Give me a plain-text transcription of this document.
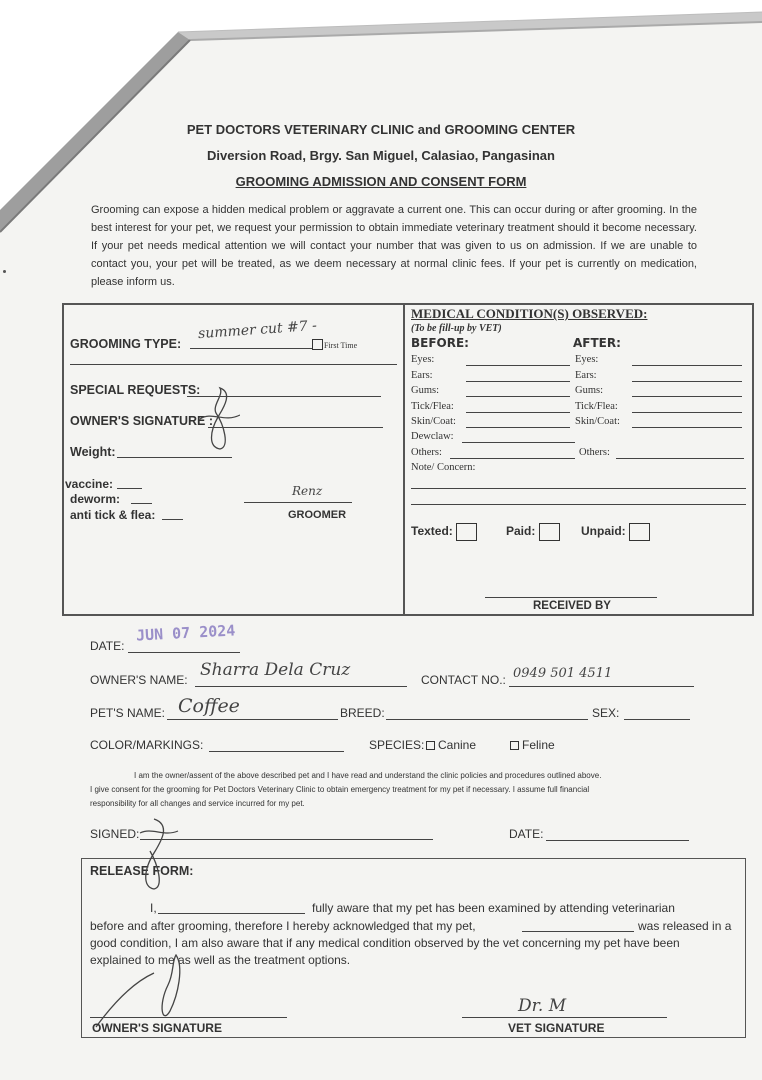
PET DOCTORS VETERINARY CLINIC and GROOMING CENTER
Diversion Road, Brgy. San Miguel, Calasiao, Pangasinan
GROOMING ADMISSION AND CONSENT FORM
Grooming can expose a hidden medical problem or aggravate a current one. This can occur during or after grooming. In the best interest for your pet, we request your permission to obtain immediate veterinary treatment should it become necessary. If your pet needs medical attention we will contact your number that was given to us on admission. If we are unable to contact you, your pet will be treated, as we deem necessary at normal clinic fees. If your pet is currently on medication, please inform us.
GROOMING TYPE:
summer cut #7 -
First Time
SPECIAL REQUESTS:
OWNER'S SIGNATURE :
Weight:
vaccine:
deworm:
anti tick & flea:
Renz
GROOMER
MEDICAL CONDITION(S) OBSERVED:
(To be fill-up by VET)
BEFORE:	AFTER:
Eyes:	Eyes:
Ears:	Ears:
Gums:	Gums:
Tick/Flea:	Tick/Flea:
Skin/Coat:	Skin/Coat:
Dewclaw:
Others:	Others:
Note/ Concern:
Texted:	Paid:	Unpaid:
RECEIVED BY
DATE:
JUN 07 2024
OWNER'S NAME: Sharra Dela Cruz	CONTACT NO.: 0949 501 4511
PET'S NAME: Coffee	BREED:	SEX:
COLOR/MARKINGS:	SPECIES: Canine	Feline
I am the owner/assent of the above described pet and I have read and understand the clinic policies and procedures outlined above.
I give consent for the grooming for Pet Doctors Veterinary Clinic to obtain emergency treatment for my pet if necessary. I assume full financial
responsibility for all changes and service incurred for my pet.
SIGNED:	DATE:
RELEASE FORM:
I,	fully aware that my pet has been examined by attending veterinarian
before and after grooming, therefore I hereby acknowledged that my pet,	was released in a
good condition, I am also aware that if any medical condition observed by the vet concerning my pet have been
explained to me as well as the treatment options.
OWNER'S SIGNATURE
Dr. M
VET SIGNATURE
